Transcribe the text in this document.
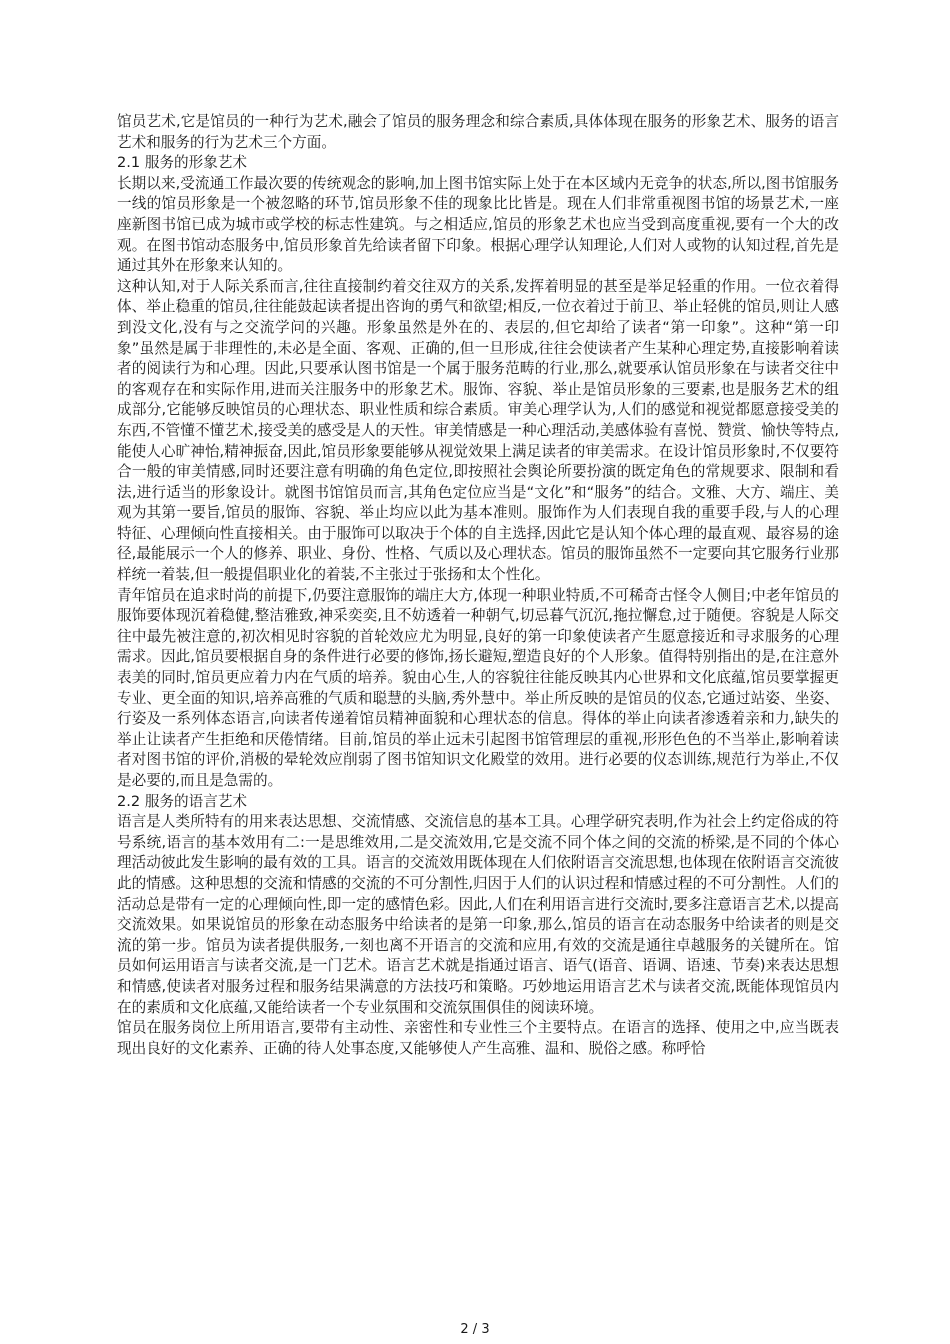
馆员艺术,它是馆员的一种行为艺术,融会了馆员的服务理念和综合素质,具体体现在服务的形象艺术、服务的语言艺术和服务的行为艺术三个方面。

2.1 服务的形象艺术

长期以来,受流通工作最次要的传统观念的影响,加上图书馆实际上处于在本区域内无竞争的状态,所以,图书馆服务一线的馆员形象是一个被忽略的环节,馆员形象不佳的现象比比皆是。现在人们非常重视图书馆的场景艺术,一座座新图书馆已成为城市或学校的标志性建筑。与之相适应,馆员的形象艺术也应当受到高度重视,要有一个大的改观。在图书馆动态服务中,馆员形象首先给读者留下印象。根据心理学认知理论,人们对人或物的认知过程,首先是通过其外在形象来认知的。

这种认知,对于人际关系而言,往往直接制约着交往双方的关系,发挥着明显的甚至是举足轻重的作用。一位衣着得体、举止稳重的馆员,往往能鼓起读者提出咨询的勇气和欲望;相反,一位衣着过于前卫、举止轻佻的馆员,则让人感到没文化,没有与之交流学问的兴趣。形象虽然是外在的、表层的,但它却给了读者“第一印象”。这种“第一印象”虽然是属于非理性的,未必是全面、客观、正确的,但一旦形成,往往会使读者产生某种心理定势,直接影响着读者的阅读行为和心理。因此,只要承认图书馆是一个属于服务范畴的行业,那么,就要承认馆员形象在与读者交往中的客观存在和实际作用,进而关注服务中的形象艺术。服饰、容貌、举止是馆员形象的三要素,也是服务艺术的组成部分,它能够反映馆员的心理状态、职业性质和综合素质。审美心理学认为,人们的感觉和视觉都愿意接受美的东西,不管懂不懂艺术,接受美的感受是人的天性。审美情感是一种心理活动,美感体验有喜悦、赞赏、愉快等特点,能使人心旷神怡,精神振奋,因此,馆员形象要能够从视觉效果上满足读者的审美需求。在设计馆员形象时,不仅要符合一般的审美情感,同时还要注意有明确的角色定位,即按照社会舆论所要扮演的既定角色的常规要求、限制和看法,进行适当的形象设计。就图书馆馆员而言,其角色定位应当是“文化”和“服务”的结合。文雅、大方、端庄、美观为其第一要旨,馆员的服饰、容貌、举止均应以此为基本准则。服饰作为人们表现自我的重要手段,与人的心理特征、心理倾向性直接相关。由于服饰可以取决于个体的自主选择,因此它是认知个体心理的最直观、最容易的途径,最能展示一个人的修养、职业、身份、性格、气质以及心理状态。馆员的服饰虽然不一定要向其它服务行业那样统一着装,但一般提倡职业化的着装,不主张过于张扬和太个性化。

青年馆员在追求时尚的前提下,仍要注意服饰的端庄大方,体现一种职业特质,不可稀奇古怪令人侧目;中老年馆员的服饰要体现沉着稳健,整洁雅致,神采奕奕,且不妨透着一种朝气,切忌暮气沉沉,拖拉懈怠,过于随便。容貌是人际交往中最先被注意的,初次相见时容貌的首轮效应尤为明显,良好的第一印象使读者产生愿意接近和寻求服务的心理需求。因此,馆员要根据自身的条件进行必要的修饰,扬长避短,塑造良好的个人形象。值得特别指出的是,在注意外表美的同时,馆员更应着力内在气质的培养。貌由心生,人的容貌往往能反映其内心世界和文化底蕴,馆员要掌握更专业、更全面的知识,培养高雅的气质和聪慧的头脑,秀外慧中。举止所反映的是馆员的仪态,它通过站姿、坐姿、行姿及一系列体态语言,向读者传递着馆员精神面貌和心理状态的信息。得体的举止向读者渗透着亲和力,缺失的举止让读者产生拒绝和厌倦情绪。目前,馆员的举止远未引起图书馆管理层的重视,形形色色的不当举止,影响着读者对图书馆的评价,消极的晕轮效应削弱了图书馆知识文化殿堂的效用。进行必要的仪态训练,规范行为举止,不仅是必要的,而且是急需的。

2.2 服务的语言艺术

语言是人类所特有的用来表达思想、交流情感、交流信息的基本工具。心理学研究表明,作为社会上约定俗成的符号系统,语言的基本效用有二:一是思维效用,二是交流效用,它是交流不同个体之间的交流的桥梁,是不同的个体心理活动彼此发生影响的最有效的工具。语言的交流效用既体现在人们依附语言交流思想,也体现在依附语言交流彼此的情感。这种思想的交流和情感的交流的不可分割性,归因于人们的认识过程和情感过程的不可分割性。人们的活动总是带有一定的心理倾向性,即一定的感情色彩。因此,人们在利用语言进行交流时,要多注意语言艺术,以提高交流效果。如果说馆员的形象在动态服务中给读者的是第一印象,那么,馆员的语言在动态服务中给读者的则是交流的第一步。馆员为读者提供服务,一刻也离不开语言的交流和应用,有效的交流是通往卓越服务的关键所在。馆员如何运用语言与读者交流,是一门艺术。语言艺术就是指通过语言、语气(语音、语调、语速、节奏)来表达思想和情感,使读者对服务过程和服务结果满意的方法技巧和策略。巧妙地运用语言艺术与读者交流,既能体现馆员内在的素质和文化底蕴,又能给读者一个专业氛围和交流氛围俱佳的阅读环境。

馆员在服务岗位上所用语言,要带有主动性、亲密性和专业性三个主要特点。在语言的选择、使用之中,应当既表现出良好的文化素养、正确的待人处事态度,又能够使人产生高雅、温和、脱俗之感。称呼恰

2 / 3
